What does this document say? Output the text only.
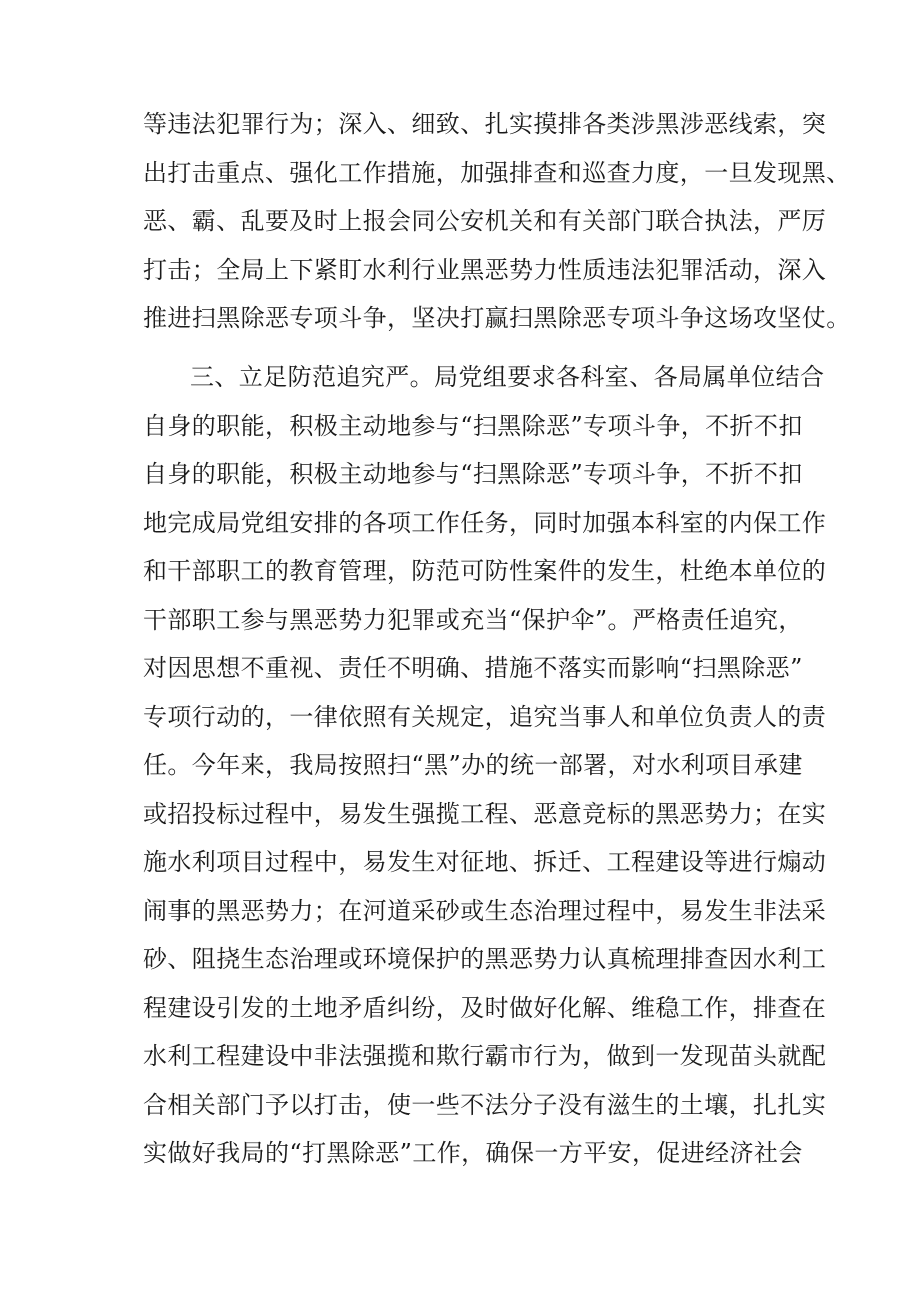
等违法犯罪行为；深入、细致、扎实摸排各类涉黑涉恶线索，突
出打击重点、强化工作措施，加强排查和巡查力度，一旦发现黑、
恶、霸、乱要及时上报会同公安机关和有关部门联合执法，严厉
打击；全局上下紧盯水利行业黑恶势力性质违法犯罪活动，深入
推进扫黑除恶专项斗争，坚决打赢扫黑除恶专项斗争这场攻坚仗。
三、立足防范追究严。局党组要求各科室、各局属单位结合
自身的职能，积极主动地参与“扫黑除恶”专项斗争，不折不扣
自身的职能，积极主动地参与“扫黑除恶”专项斗争，不折不扣
地完成局党组安排的各项工作任务，同时加强本科室的内保工作
和干部职工的教育管理，防范可防性案件的发生，杜绝本单位的
干部职工参与黑恶势力犯罪或充当“保护伞”。严格责任追究，
对因思想不重视、责任不明确、措施不落实而影响“扫黑除恶”
专项行动的，一律依照有关规定，追究当事人和单位负责人的责
任。今年来，我局按照扫“黑”办的统一部署，对水利项目承建
或招投标过程中，易发生强揽工程、恶意竞标的黑恶势力；在实
施水利项目过程中，易发生对征地、拆迁、工程建设等进行煽动
闹事的黑恶势力；在河道采砂或生态治理过程中，易发生非法采
砂、阻挠生态治理或环境保护的黑恶势力认真梳理排查因水利工
程建设引发的土地矛盾纠纷，及时做好化解、维稳工作，排查在
水利工程建设中非法强揽和欺行霸市行为，做到一发现苗头就配
合相关部门予以打击，使一些不法分子没有滋生的土壤，扎扎实
实做好我局的“打黑除恶”工作，确保一方平安，促进经济社会
